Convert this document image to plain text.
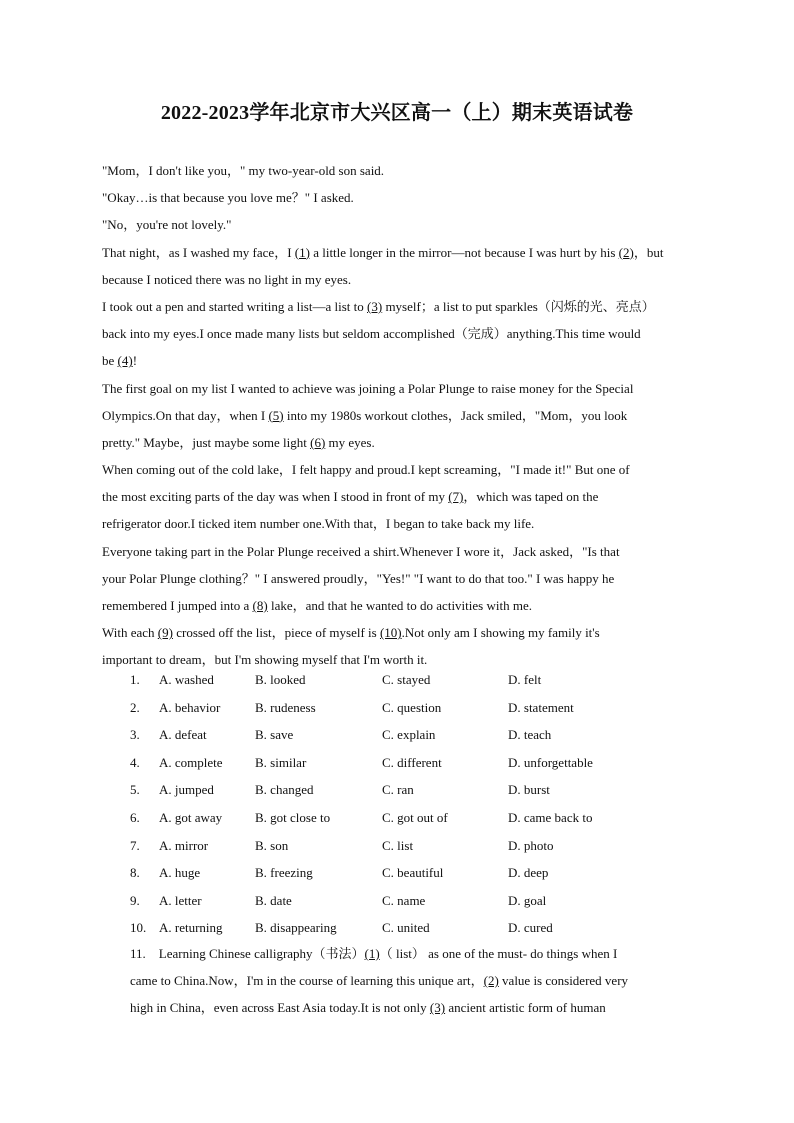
2022-2023学年北京市大兴区高一（上）期末英语试卷
"Mom，I don't like you，" my two-year-old son said.
"Okay…is that because you love me？" I asked.
"No，you're not lovely."
That night，as I washed my face，I (1) a little longer in the mirror—not because I was hurt by his (2)，but
because I noticed there was no light in my eyes.
I took out a pen and started writing a list—a list to (3) myself；a list to put sparkles（闪烁的光、亮点）
back into my eyes.I once made many lists but seldom accomplished（完成）anything.This time would
be (4)!
The first goal on my list I wanted to achieve was joining a Polar Plunge to raise money for the Special
Olympics.On that day，when I (5) into my 1980s workout clothes，Jack smiled，"Mom，you look
pretty." Maybe，just maybe some light (6) my eyes.
When coming out of the cold lake，I felt happy and proud.I kept screaming，"I made it!" But one of
the most exciting parts of the day was when I stood in front of my (7)，which was taped on the
refrigerator door.I ticked item number one.With that，I began to take back my life.
Everyone taking part in the Polar Plunge received a shirt.Whenever I wore it，Jack asked，"Is that
your Polar Plunge clothing？" I answered proudly，"Yes!" "I want to do that too." I was happy he
remembered I jumped into a (8) lake，and that he wanted to do activities with me.
With each (9) crossed off the list，piece of myself is (10).Not only am I showing my family it's
important to dream，but I'm showing myself that I'm worth it.
1. A. washed	B. looked	C. stayed	D. felt
2. A. behavior	B. rudeness	C. question	D. statement
3. A. defeat	B. save	C. explain	D. teach
4. A. complete B. similar	C. different	D. unforgettable
5. A. jumped	B. changed	C. ran	D. burst
6. A. got away	B. got close to	C. got out of	D. came back to
7. A. mirror	B. son	C. list	D. photo
8. A. huge	B. freezing	C. beautiful	D. deep
9. A. letter	B. date	C. name	D. goal
10. A. returning B. disappearing	C. united	D. cured
11.　Learning Chinese calligraphy（书法）(1)（ list） as one of the must- do things when I
came to China.Now，I'm in the course of learning this unique art，(2) value is considered very
high in China，even across East Asia today.It is not only (3) ancient artistic form of human
